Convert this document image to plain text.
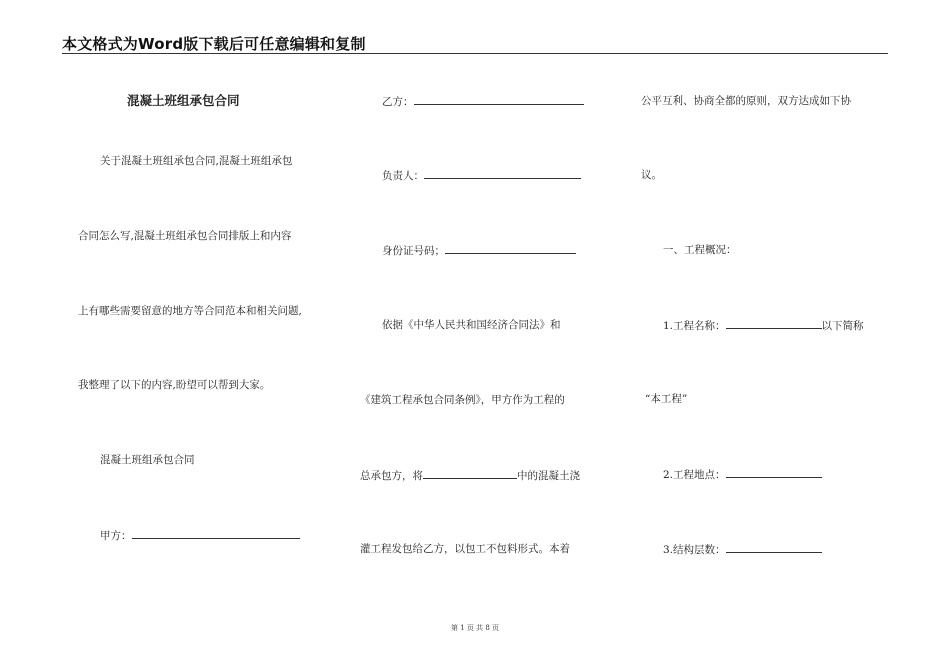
本文格式为Word版下载后可任意编辑和复制
混凝土班组承包合同
关于混凝土班组承包合同,混凝土班组承包
合同怎么写,混凝土班组承包合同排版上和内容
上有哪些需要留意的地方等合同范本和相关问题,
我整理了以下的内容,盼望可以帮到大家。
混凝土班组承包合同
甲方：
乙方：
负责人：
身份证号码；
依据《中华人民共和国经济合同法》和
《建筑工程承包合同条例》，甲方作为工程的
总承包方，将	中的混凝土浇
灌工程发包给乙方，以包工不包料形式。本着
公平互利、协商全都的原则，双方达成如下协
议。
一、工程概况：
1.工程名称：	以下简称
“本工程”
2.工程地点：
3.结构层数：
第 1 页 共 8 页
